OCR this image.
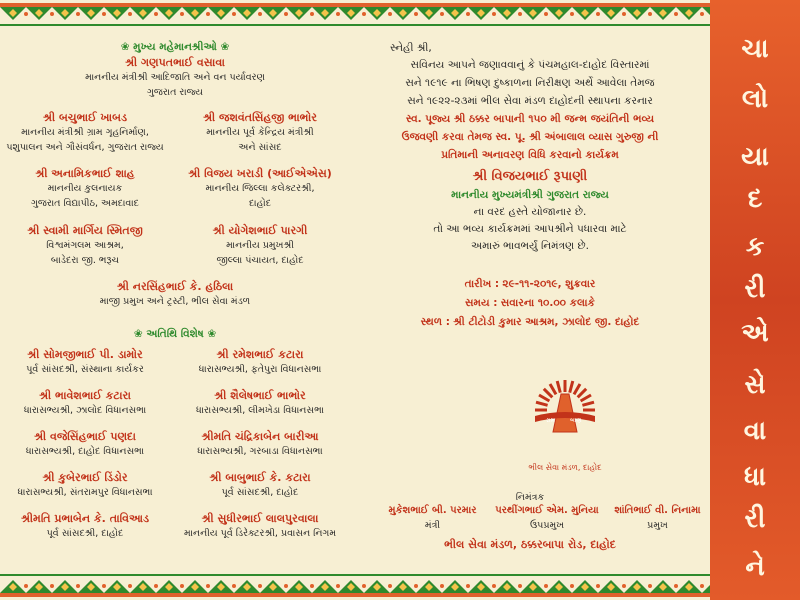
❀ મુખ્ય મહેમાનશ્રીઓ ❀
શ્રી ગણપતભાઈ વસાવા
માનનીય મંત્રીશ્રી આદિજાતિ અને વન પર્યાવરણ
ગુજરાત રાજ્ય
શ્રી બચુભાઈ ખાબડ
માનનીય મંત્રીશ્રી ગ્રામ ગૃહનિર્માણ,
પશુપાલન અને ગૌસંવર્ધન, ગુજરાત રાજ્ય
શ્રી જશવંતસિંહજી ભાભોર
માનનીય પૂર્વ કેન્દ્રિય મંત્રીશ્રી
અને સાંસદ
શ્રી અનામિકભાઈ શાહ
માનનીય કુલનાયક
ગુજરાત વિદ્યાપીઠ, અમદાવાદ
શ્રી વિજય ખરાડી (આઈએએસ)
માનનીય જિલ્લા કલેક્ટરશ્રી,
દાહોદ
શ્રી સ્વામી માર્ગિય સ્મિતજી
વિશ્વમંગલમ આશ્રમ,
બાડેદરા જી. ભરૂચ
શ્રી યોગેશભાઈ પારગી
માનનીય પ્રમુખશ્રી
જીલ્લા પંચાયત, દાહોદ
શ્રી નરસિંહભાઈ કે. હઠિલા
માજી પ્રમુખ અને ટ્રસ્ટી, ભીલ સેવા મંડળ
❀ અતિથિ વિશેષ ❀
શ્રી સોમજીભાઈ પી. ડામોર
પૂર્વ સાંસદશ્રી, સંસ્થાના કાર્યકર
શ્રી રમેશભાઈ કટારા
ધારાસભ્યશ્રી, ફતેપુરા વિધાનસભા
શ્રી ભાવેશભાઈ કટારા
ધારાસભ્યશ્રી, ઝાલોદ વિધાનસભા
શ્રી શૈલેષભાઈ ભાભોર
ધારાસભ્યશ્રી, લીમખેડા વિધાનસભા
શ્રી વજેસિંહભાઈ પણદા
ધારાસભ્યશ્રી, દાહોદ વિધાનસભા
શ્રીમતિ ચંદ્રિકાબેન બારીઆ
ધારાસભ્યશ્રી, ગરબાડા વિધાનસભા
શ્રી કુબેરભાઈ ડિંડોર
ધારાસભ્યશ્રી, સંતરામપુર વિધાનસભા
શ્રી બાબુભાઈ કે. કટારા
પૂર્વ સાંસદશ્રી, દાહોદ
શ્રીમતિ પ્રભાબેન કે. તાવિઆડ
પૂર્વ સાંસદશ્રી, દાહોદ
શ્રી સુધીરભાઈ લાલપુરવાલા
માનનીય પૂર્વ ડિરેક્ટરશ્રી, પ્રવાસન નિગમ
સ્નેહી શ્રી,
સવિનય આપને જણાવવાનું કે પંચમહાલ-દાહોદ વિસ્તારમાં
સને ૧૯૧૯ ના ભિષણ દુષ્કાળના નિરીક્ષણ અર્થે આવેલા તેમજ
સને ૧૯૨૨-૨૩માં ભીલ સેવા મંડળ દાહોદની સ્થાપના કરનાર
સ્વ. પૂજ્ય શ્રી ઠક્કર બાપાની ૧૫૦ મી જન્મ જયંતિની ભવ્ય
ઉજવણી કરવા તેમજ સ્વ. પૂ. શ્રી અંબાલાલ વ્યાસ ગુરુજી ની
પ્રતિમાની અનાવરણ વિધિ કરવાનો કાર્યક્રમ
શ્રી વિજયભાઈ રૂપાણી
માનનીય મુખ્યમંત્રીશ્રી ગુજરાત રાજ્ય
ના વરદ હસ્તે યોજાનાર છે.
તો આ ભવ્ય કાર્યક્રમમાં આપશ્રીને પધારવા માટે
અમારું ભાવભર્યું નિમંત્રણ છે.
તારીખ : ૨૯-૧૧-૨૦૧૯, શુક્રવાર
સમય : સવારના ૧૦.૦૦ કલાકે
સ્થળ : શ્રી ટીટોડી કુમાર આશ્રમ, ઝાલોદ જી. દાહોદ
રામ	બાણ
ભીલ સેવા મંડળ, દાહોદ
નિમંત્રક
મુકેશભાઈ બી. પરમાર
મંત્રી
પરથીંગભાઈ એમ. મુનિયા
ઉપપ્રમુખ
શાંતિભાઈ વી. નિનામા
પ્રમુખ
ભીલ સેવા મંડળ, ઠક્કરબાપા રોડ, દાહોદ
ચા
લો
યા
દ
ક
રી
એ
સે
વા
ધા
રી
ને
